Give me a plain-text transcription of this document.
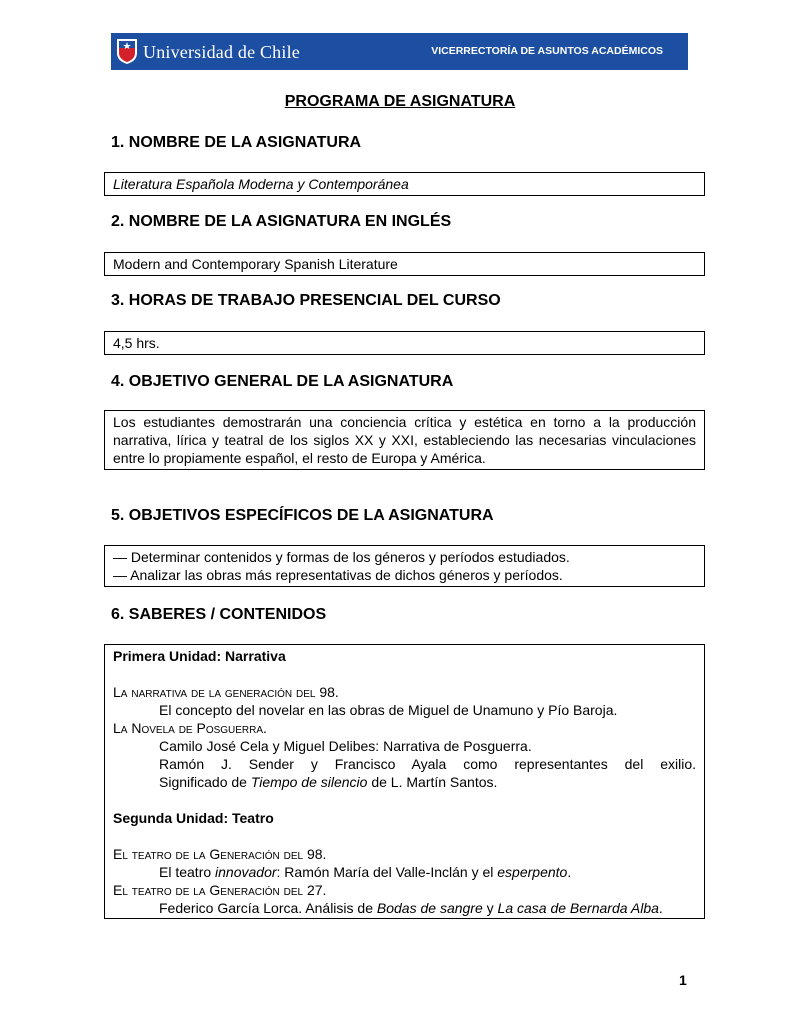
Universidad de Chile	VICERRECTORÍA DE ASUNTOS ACADÉMICOS
PROGRAMA DE ASIGNATURA
1. NOMBRE DE LA ASIGNATURA
Literatura Española Moderna y Contemporánea
2. NOMBRE DE LA ASIGNATURA EN INGLÉS
Modern and Contemporary Spanish Literature
3. HORAS DE TRABAJO PRESENCIAL DEL CURSO
4,5 hrs.
4. OBJETIVO GENERAL DE LA ASIGNATURA
Los estudiantes demostrarán una conciencia crítica y estética en torno a la producción narrativa, lírica y teatral de los siglos XX y XXI, estableciendo las necesarias vinculaciones entre lo propiamente español, el resto de Europa y América.
5. OBJETIVOS ESPECÍFICOS DE LA ASIGNATURA
— Determinar contenidos y formas de los géneros y períodos estudiados.
— Analizar las obras más representativas de dichos géneros y períodos.
6. SABERES / CONTENIDOS
Primera Unidad: Narrativa
La narrativa de la generación del 98.
El concepto del novelar en las obras de Miguel de Unamuno y Pío Baroja.
La Novela de Posguerra.
Camilo José Cela y Miguel Delibes: Narrativa de Posguerra.
Ramón J. Sender y Francisco Ayala como representantes del exilio.
Significado de Tiempo de silencio de L. Martín Santos.
Segunda Unidad: Teatro
El teatro de la Generación del 98.
El teatro innovador: Ramón María del Valle-Inclán y el esperpento.
El teatro de la Generación del 27.
Federico García Lorca. Análisis de Bodas de sangre y La casa de Bernarda Alba.
1
